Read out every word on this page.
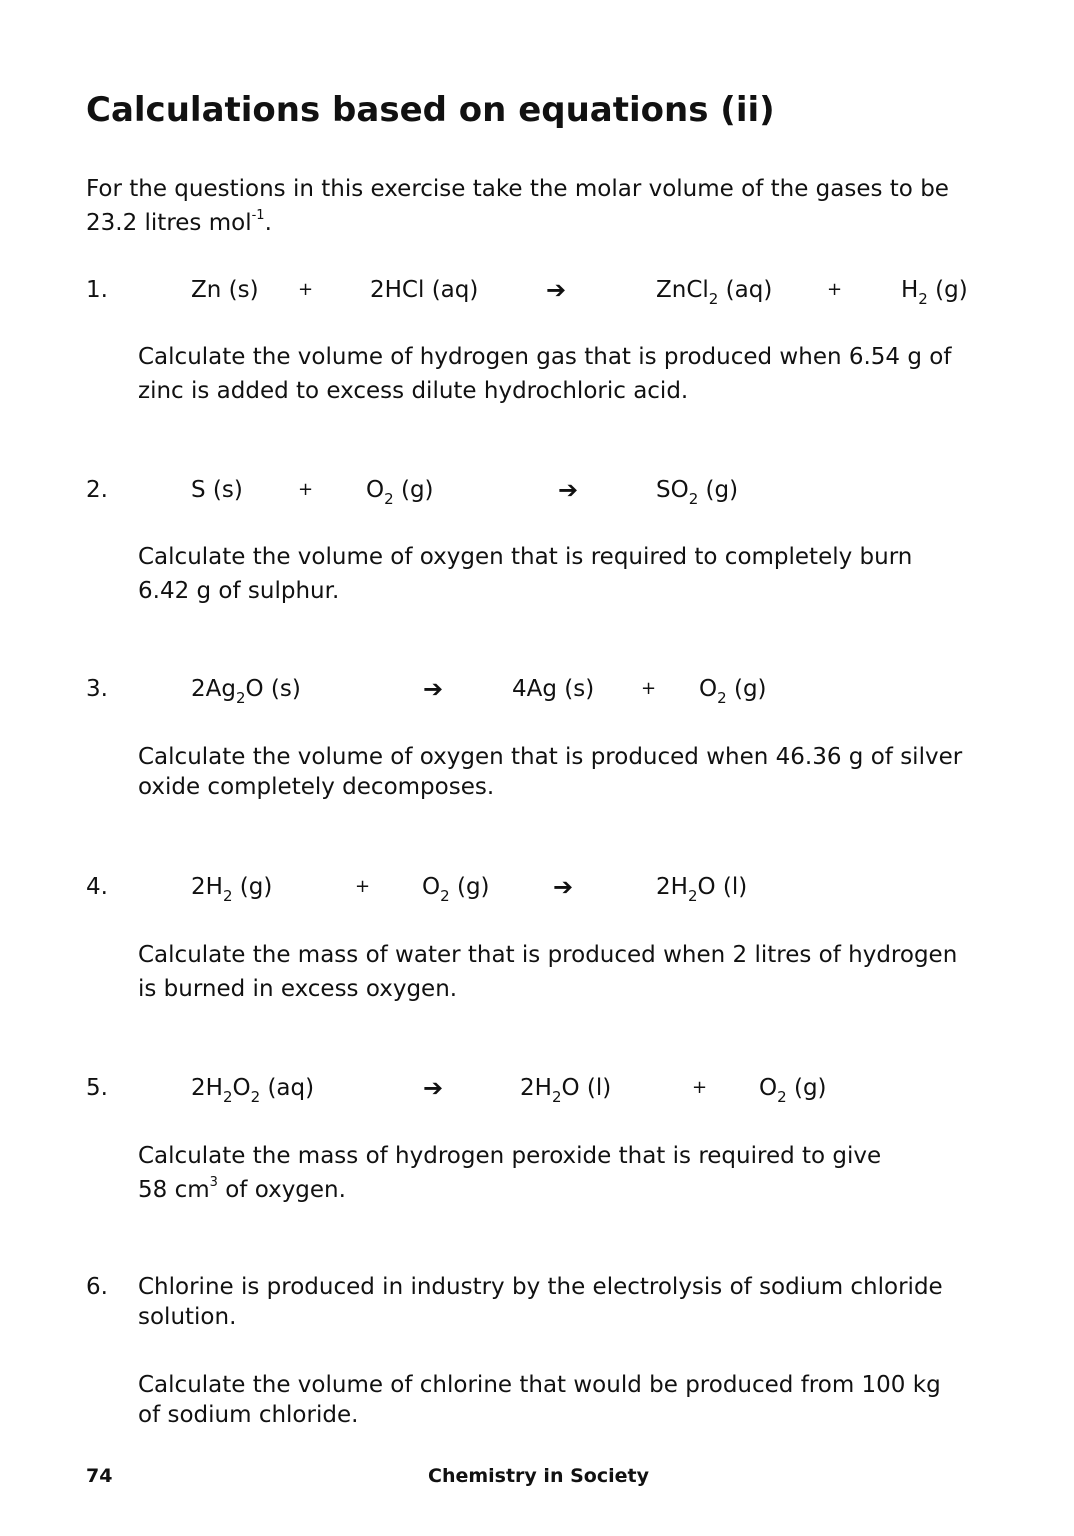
Calculations based on equations (ii)
For the questions in this exercise take the molar volume of the gases to be
23.2 litres mol$^{-1}$.
1.	Zn (s) + 2HCl (aq)	➔	ZnCl$_2$ (aq)	+	$H_2$ (g)
Calculate the volume of hydrogen gas that is produced when 6.54 g of
zinc is added to excess dilute hydrochloric acid.
2.	S (s)	+ $O_2$ (g)	➔	$SO_2$ (g)
Calculate the volume of oxygen that is required to completely burn
6.42 g of sulphur.
3.	$2Ag_2O$ (s)	➔	4Ag (s)	+ $O_2$ (g)
Calculate the volume of oxygen that is produced when 46.36 g of silver
oxide completely decomposes.
4.	$2H_2$ (g)	+ $O_2$ (g)	➔	$2H_2O$ (l)
Calculate the mass of water that is produced when 2 litres of hydrogen
is burned in excess oxygen.
5.	$2H_2O_2$ (aq)	➔	$2H_2O$ (l)	+ $O_2$ (g)
Calculate the mass of hydrogen peroxide that is required to give
58 $cm^3$ of oxygen.
6. Chlorine is produced in industry by the electrolysis of sodium chloride
solution.
Calculate the volume of chlorine that would be produced from 100 kg
of sodium chloride.
74	Chemistry in Society
